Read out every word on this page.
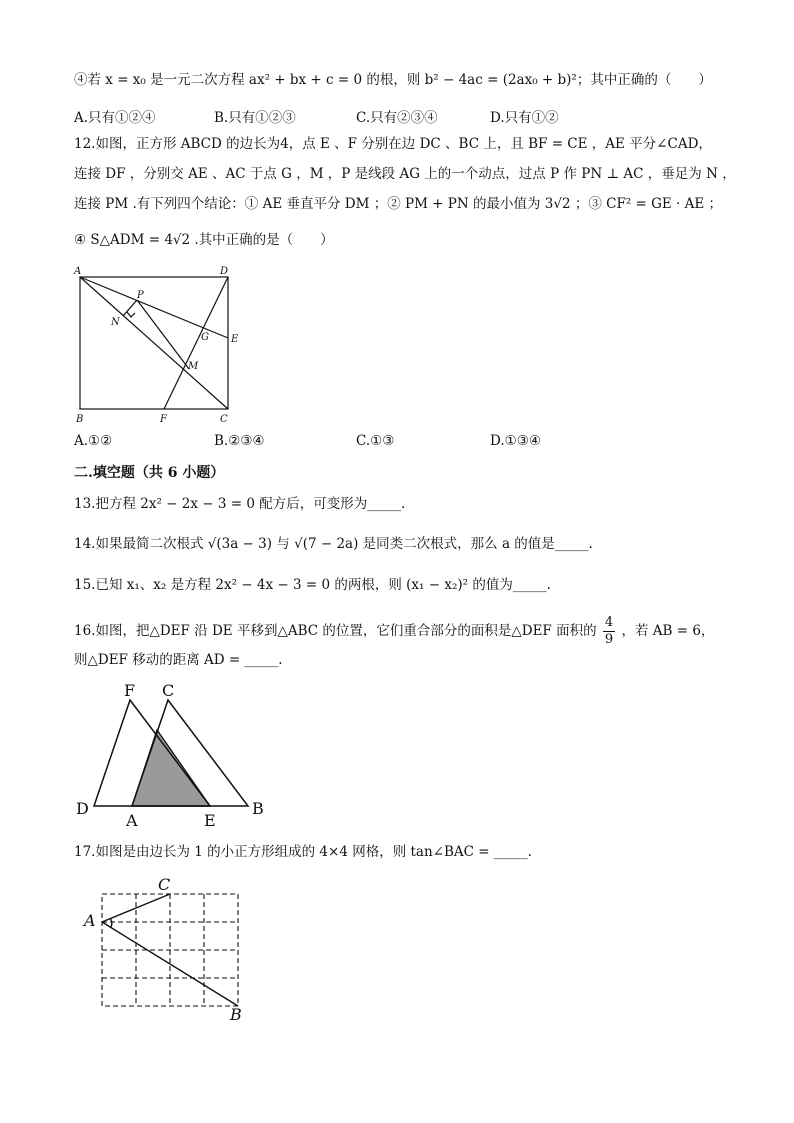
④若 x = x₀ 是一元二次方程 ax² + bx + c = 0 的根，则 b² − 4ac = (2ax₀ + b)²；其中正确的（　　）
A.只有①②④	B.只有①②③	C.只有②③④	D.只有①②
12.如图，正方形 ABCD 的边长为4，点 E 、F 分别在边 DC 、BC 上，且 BF = CE ，AE 平分∠CAD，
连接 DF ，分别交 AE 、AC 于点 G ，M ，P 是线段 AG 上的一个动点，过点 P 作 PN ⊥ AC ，垂足为 N ，
连接 PM .有下列四个结论：① AE 垂直平分 DM ；② PM + PN 的最小值为 3√2 ；③ CF² = GE · AE ；
④ S△ADM = 4√2 .其中正确的是（　　）
A	D
P
N
G E
M
B	F	C
A.①②	B.②③④	C.①③	D.①③④
二.填空题（共 6 小题）
13.把方程 2x² − 2x − 3 = 0 配方后，可变形为_____.
14.如果最简二次根式 √(3a − 3) 与 √(7 − 2a) 是同类二次根式，那么 a 的值是_____.
15.已知 x₁、x₂ 是方程 2x² − 4x − 3 = 0 的两根，则 (x₁ − x₂)² 的值为_____.
16.如图，把△DEF 沿 DE 平移到△ABC 的位置，它们重合部分的面积是△DEF 面积的 $\frac{4}{9}$ ，若 AB = 6，
则△DEF 移动的距离 AD = _____.
F C
D
A	E
B
17.如图是由边长为 1 的小正方形组成的 4×4 网格，则 tan∠BAC = _____.
A
C
B
